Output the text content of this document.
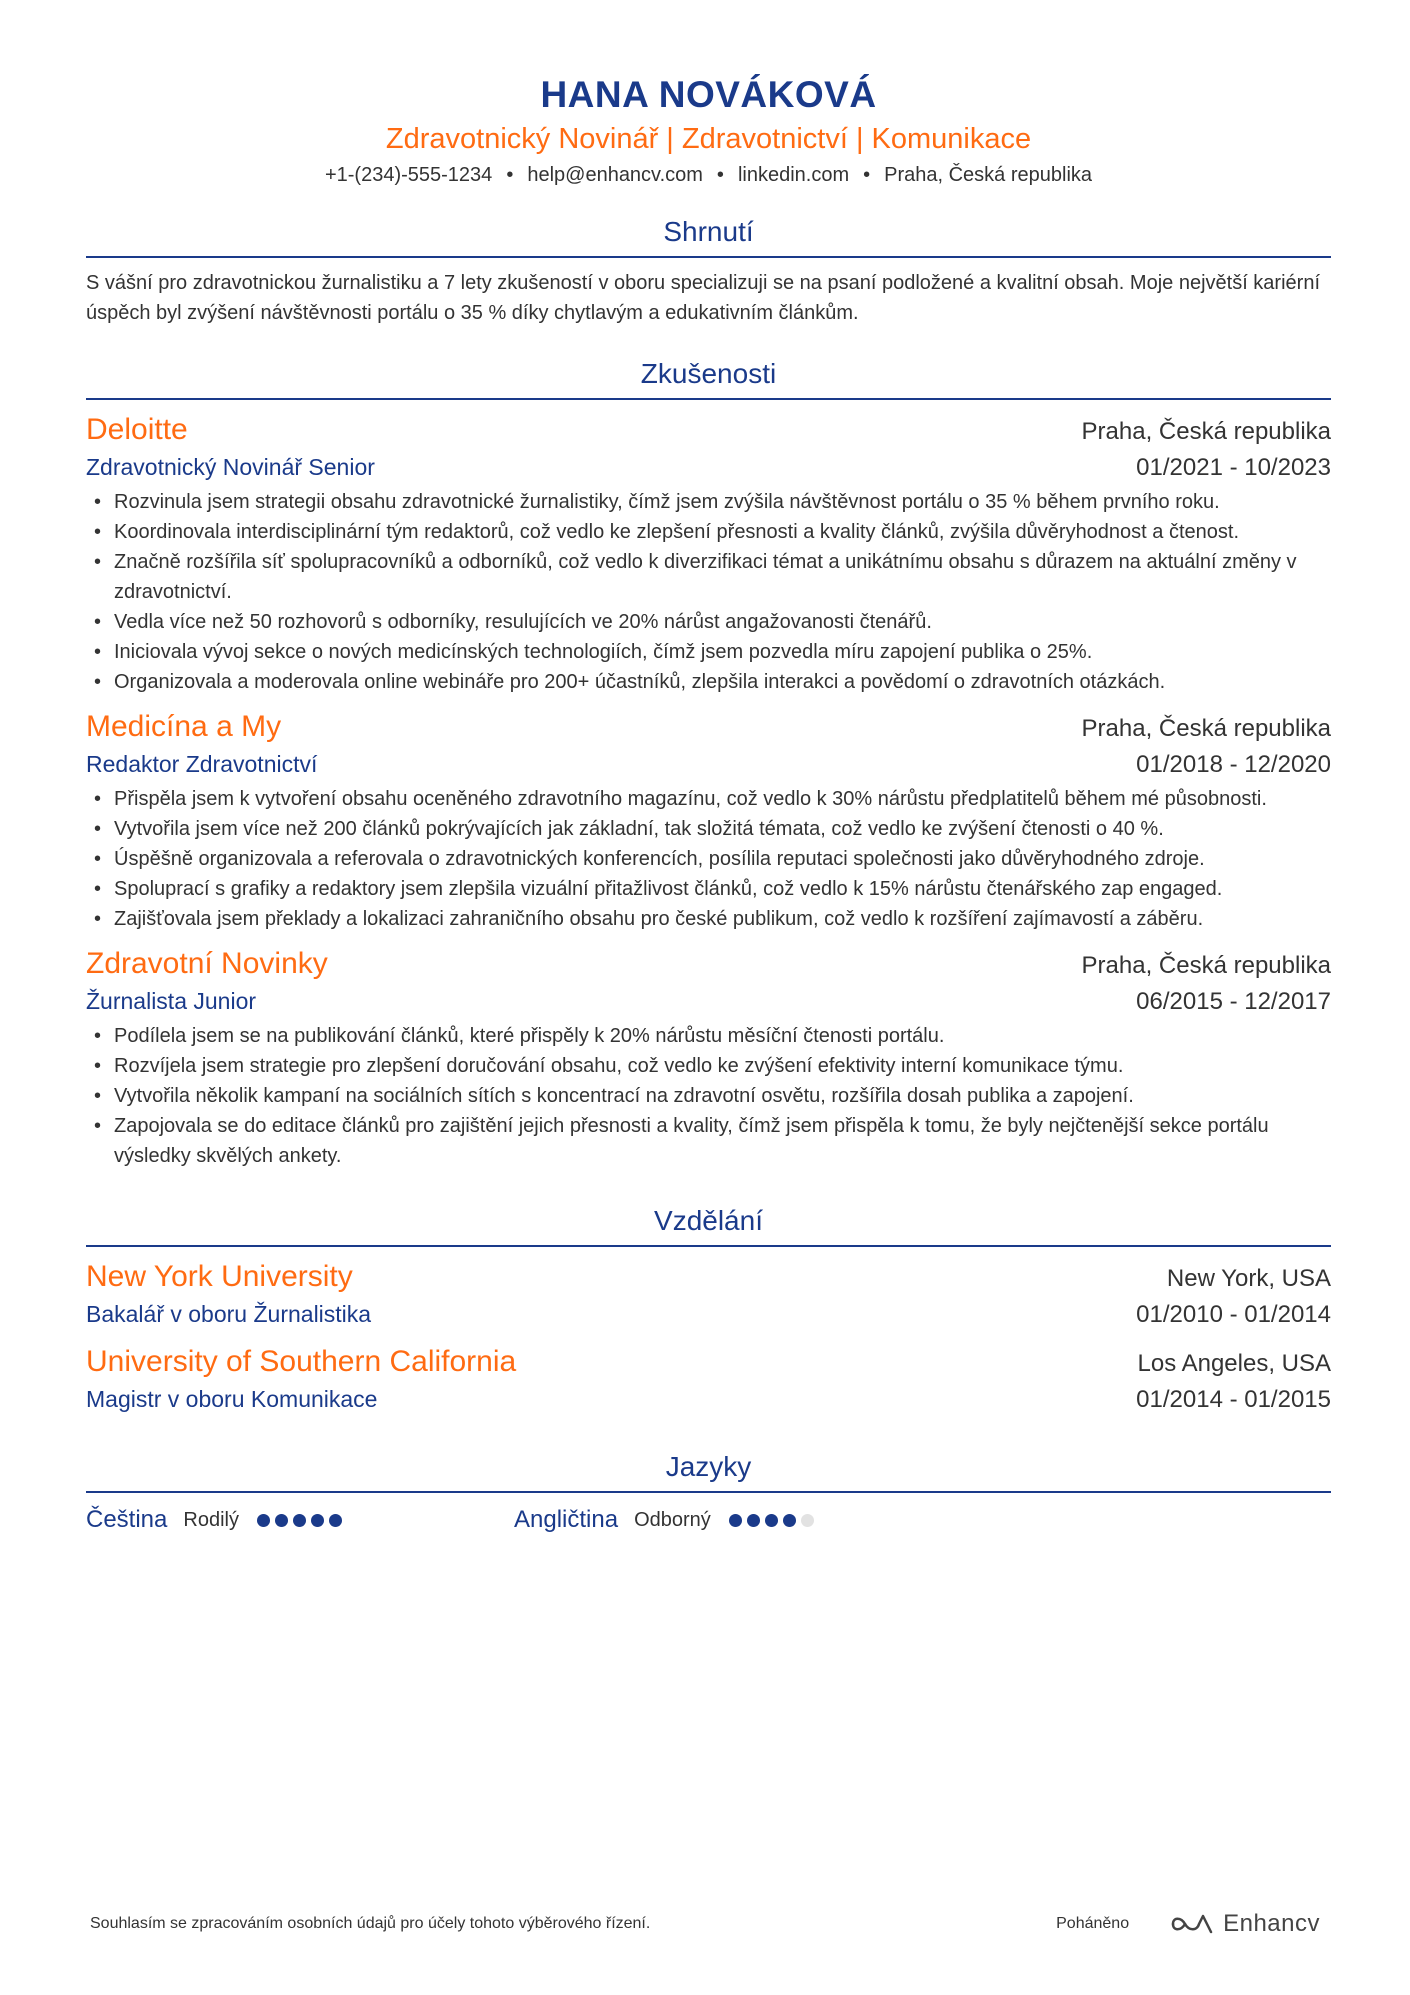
HANA NOVÁKOVÁ
Zdravotnický Novinář | Zdravotnictví | Komunikace
+1-(234)-555-1234 • help@enhancv.com • linkedin.com • Praha, Česká republika
Shrnutí
S vášní pro zdravotnickou žurnalistiku a 7 lety zkušeností v oboru specializuji se na psaní podložené a kvalitní obsah. Moje největší kariérní úspěch byl zvýšení návštěvnosti portálu o 35 % díky chytlavým a edukativním článkům.
Zkušenosti
Deloitte	Praha, Česká republika
Zdravotnický Novinář Senior	01/2021 - 10/2023
• Rozvinula jsem strategii obsahu zdravotnické žurnalistiky, čímž jsem zvýšila návštěvnost portálu o 35 % během prvního roku.
• Koordinovala interdisciplinární tým redaktorů, což vedlo ke zlepšení přesnosti a kvality článků, zvýšila důvěryhodnost a čtenost.
• Značně rozšířila síť spolupracovníků a odborníků, což vedlo k diverzifikaci témat a unikátnímu obsahu s důrazem na aktuální změny v zdravotnictví.
• Vedla více než 50 rozhovorů s odborníky, resulujících ve 20% nárůst angažovanosti čtenářů.
• Iniciovala vývoj sekce o nových medicínských technologiích, čímž jsem pozvedla míru zapojení publika o 25%.
• Organizovala a moderovala online webináře pro 200+ účastníků, zlepšila interakci a povědomí o zdravotních otázkách.
Medicína a My	Praha, Česká republika
Redaktor Zdravotnictví	01/2018 - 12/2020
• Přispěla jsem k vytvoření obsahu oceněného zdravotního magazínu, což vedlo k 30% nárůstu předplatitelů během mé působnosti.
• Vytvořila jsem více než 200 článků pokrývajících jak základní, tak složitá témata, což vedlo ke zvýšení čtenosti o 40 %.
• Úspěšně organizovala a referovala o zdravotnických konferencích, posílila reputaci společnosti jako důvěryhodného zdroje.
• Spoluprací s grafiky a redaktory jsem zlepšila vizuální přitažlivost článků, což vedlo k 15% nárůstu čtenářského zap engaged.
• Zajišťovala jsem překlady a lokalizaci zahraničního obsahu pro české publikum, což vedlo k rozšíření zajímavostí a záběru.
Zdravotní Novinky	Praha, Česká republika
Žurnalista Junior	06/2015 - 12/2017
• Podílela jsem se na publikování článků, které přispěly k 20% nárůstu měsíční čtenosti portálu.
• Rozvíjela jsem strategie pro zlepšení doručování obsahu, což vedlo ke zvýšení efektivity interní komunikace týmu.
• Vytvořila několik kampaní na sociálních sítích s koncentrací na zdravotní osvětu, rozšířila dosah publika a zapojení.
• Zapojovala se do editace článků pro zajištění jejich přesnosti a kvality, čímž jsem přispěla k tomu, že byly nejčtenější sekce portálu výsledky skvělých ankety.
Vzdělání
New York University	New York, USA
Bakalář v oboru Žurnalistika	01/2010 - 01/2014
University of Southern California	Los Angeles, USA
Magistr v oboru Komunikace	01/2014 - 01/2015
Jazyky
Čeština Rodilý	Angličtina Odborný
Souhlasím se zpracováním osobních údajů pro účely tohoto výběrového řízení.	Poháněno	Enhancv
